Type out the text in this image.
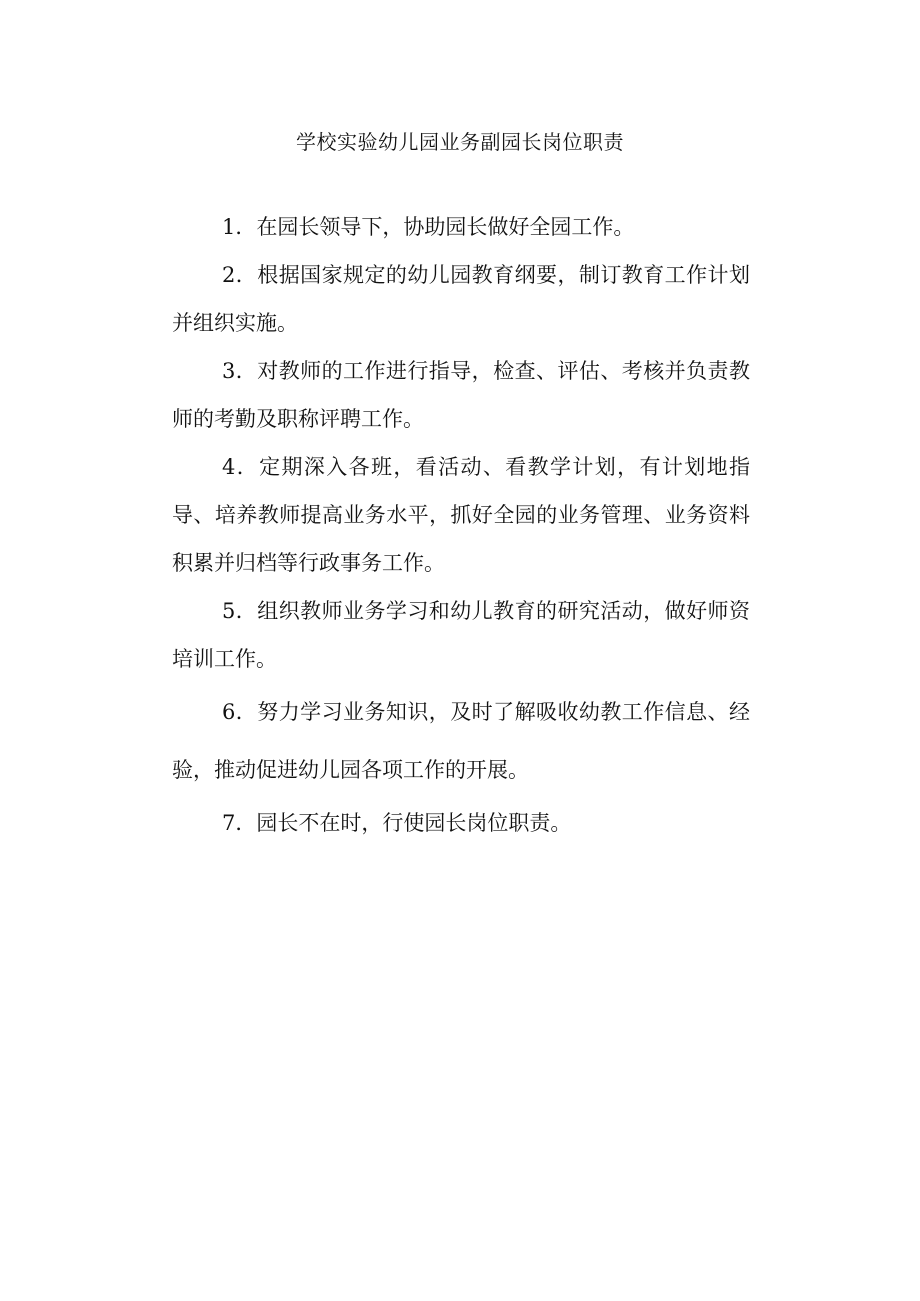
学校实验幼儿园业务副园长岗位职责

1．在园长领导下，协助园长做好全园工作。

2．根据国家规定的幼儿园教育纲要，制订教育工作计划并组织实施。

3．对教师的工作进行指导，检查、评估、考核并负责教师的考勤及职称评聘工作。

4．定期深入各班，看活动、看教学计划，有计划地指导、培养教师提高业务水平，抓好全园的业务管理、业务资料积累并归档等行政事务工作。

5．组织教师业务学习和幼儿教育的研究活动，做好师资培训工作。

6．努力学习业务知识，及时了解吸收幼教工作信息、经验，推动促进幼儿园各项工作的开展。

7．园长不在时，行使园长岗位职责。
